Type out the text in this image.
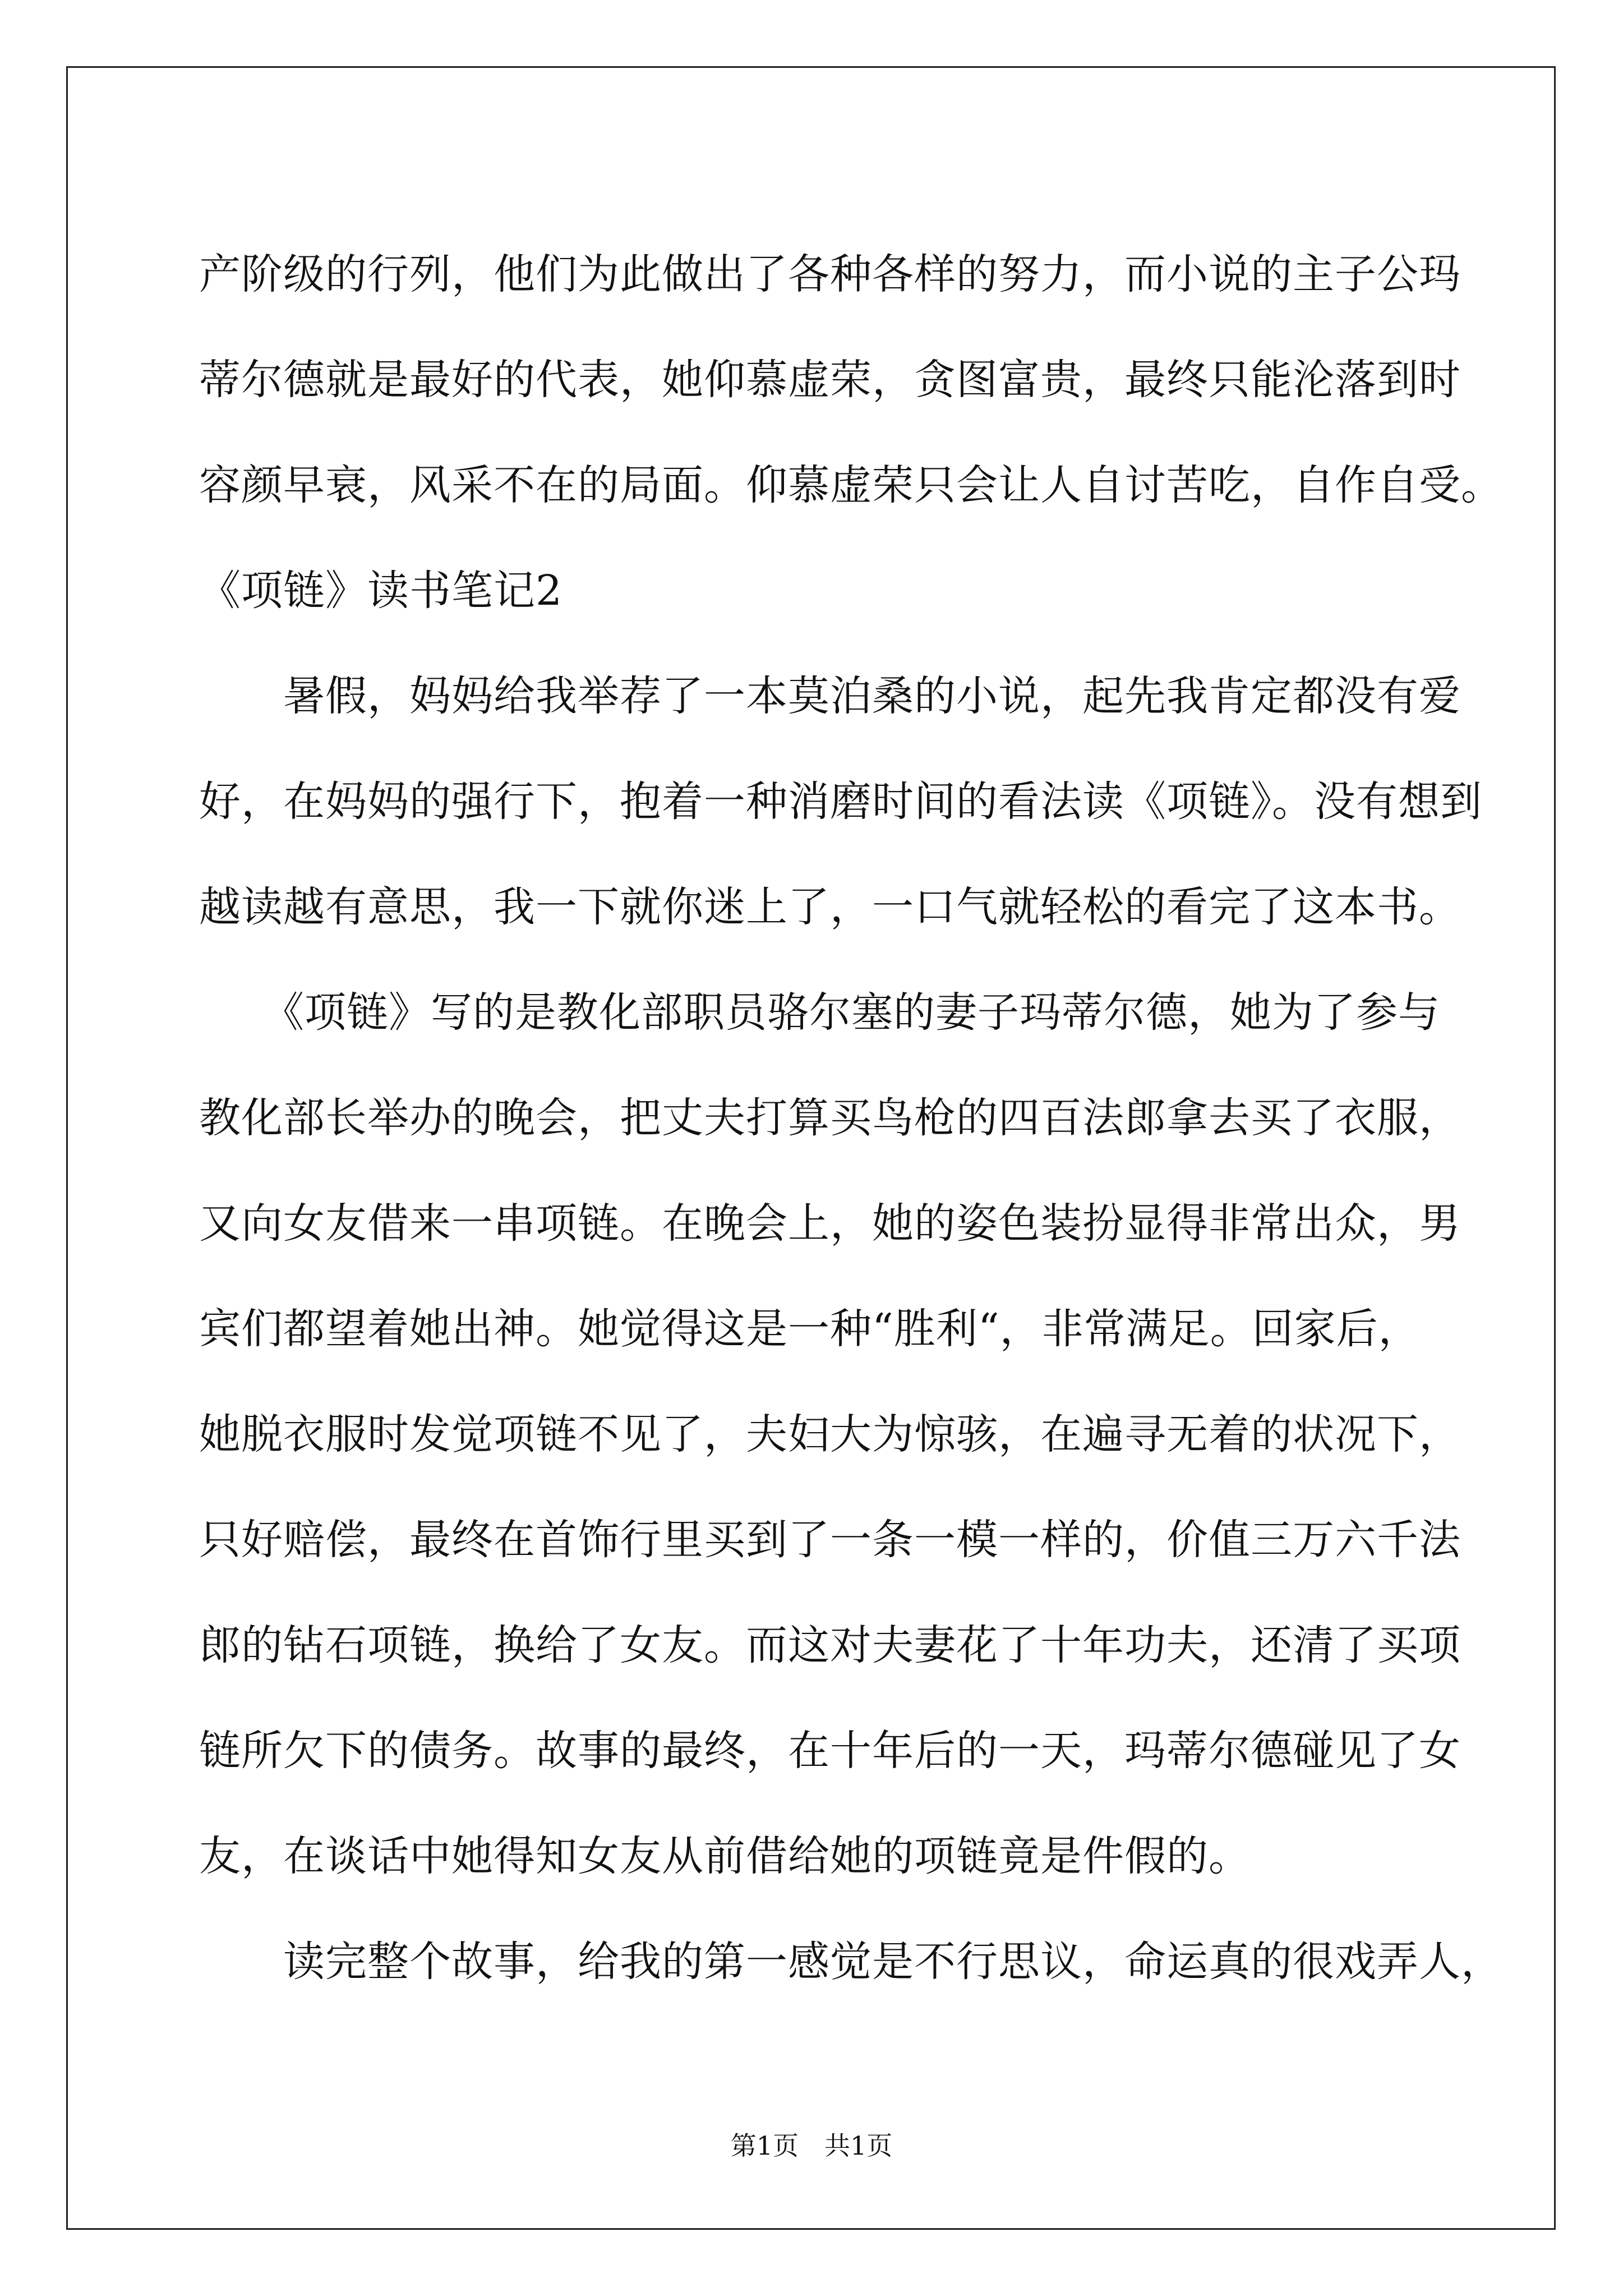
产阶级的行列，他们为此做出了各种各样的努力，而小说的主子公玛
蒂尔德就是最好的代表，她仰慕虚荣，贪图富贵，最终只能沦落到时
容颜早衰，风采不在的局面。仰慕虚荣只会让人自讨苦吃，自作自受。
《项链》读书笔记2
　　暑假，妈妈给我举荐了一本莫泊桑的小说，起先我肯定都没有爱
好，在妈妈的强行下，抱着一种消磨时间的看法读《项链》。没有想到
越读越有意思，我一下就你迷上了，一口气就轻松的看完了这本书。
　　《项链》写的是教化部职员骆尔塞的妻子玛蒂尔德，她为了参与
教化部长举办的晚会，把丈夫打算买鸟枪的四百法郎拿去买了衣服，
又向女友借来一串项链。在晚会上，她的姿色装扮显得非常出众，男
宾们都望着她出神。她觉得这是一种“胜利“，非常满足。回家后，
她脱衣服时发觉项链不见了，夫妇大为惊骇，在遍寻无着的状况下，
只好赔偿，最终在首饰行里买到了一条一模一样的，价值三万六千法
郎的钻石项链，换给了女友。而这对夫妻花了十年功夫，还清了买项
链所欠下的债务。故事的最终，在十年后的一天，玛蒂尔德碰见了女
友，在谈话中她得知女友从前借给她的项链竟是件假的。
　　读完整个故事，给我的第一感觉是不行思议，命运真的很戏弄人，
第1页　共1页
